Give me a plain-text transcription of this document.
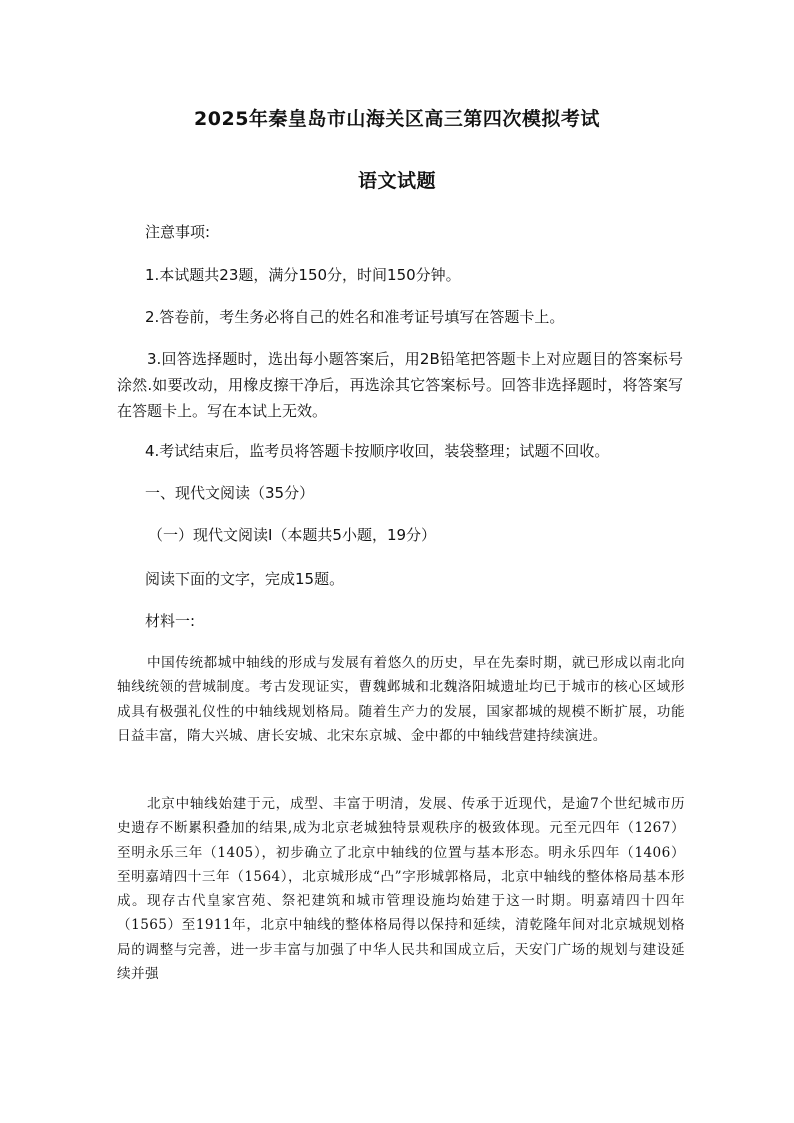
2025年秦皇岛市山海关区高三第四次模拟考试
语文试题
注意事项:
1.本试题共23题，满分150分，时间150分钟。
2.答卷前，考生务必将自己的姓名和准考证号填写在答题卡上。
3.回答选择题时，选出每小题答案后，用2B铅笔把答题卡上对应题目的答案标号涂然.如要改动，用橡皮擦干净后，再选涂其它答案标号。回答非选择题时，将答案写在答题卡上。写在本试上无效。
4.考试结束后，监考员将答题卡按顺序收回，装袋整理；试题不回收。
一、现代文阅读（35分）
（一）现代文阅读Ⅰ（本题共5小题，19分）
阅读下面的文字，完成15题。
材料一:
中国传统都城中轴线的形成与发展有着悠久的历史，早在先秦时期，就已形成以南北向轴线统领的营城制度。考古发现证实，曹魏邺城和北魏洛阳城遗址均已于城市的核心区域形成具有极强礼仪性的中轴线规划格局。随着生产力的发展，国家都城的规模不断扩展，功能日益丰富，隋大兴城、唐长安城、北宋东京城、金中都的中轴线营建持续演进。
北京中轴线始建于元，成型、丰富于明清，发展、传承于近现代，是逾7个世纪城市历史遗存不断累积叠加的结果,成为北京老城独特景观秩序的极致体现。元至元四年（1267）至明永乐三年（1405），初步确立了北京中轴线的位置与基本形态。明永乐四年（1406）至明嘉靖四十三年（1564），北京城形成“凸”字形城郭格局，北京中轴线的整体格局基本形成。现存古代皇家宫苑、祭祀建筑和城市管理设施均始建于这一时期。明嘉靖四十四年（1565）至1911年，北京中轴线的整体格局得以保持和延续，清乾隆年间对北京城规划格局的调整与完善，进一步丰富与加强了中华人民共和国成立后，天安门广场的规划与建设延续并强
